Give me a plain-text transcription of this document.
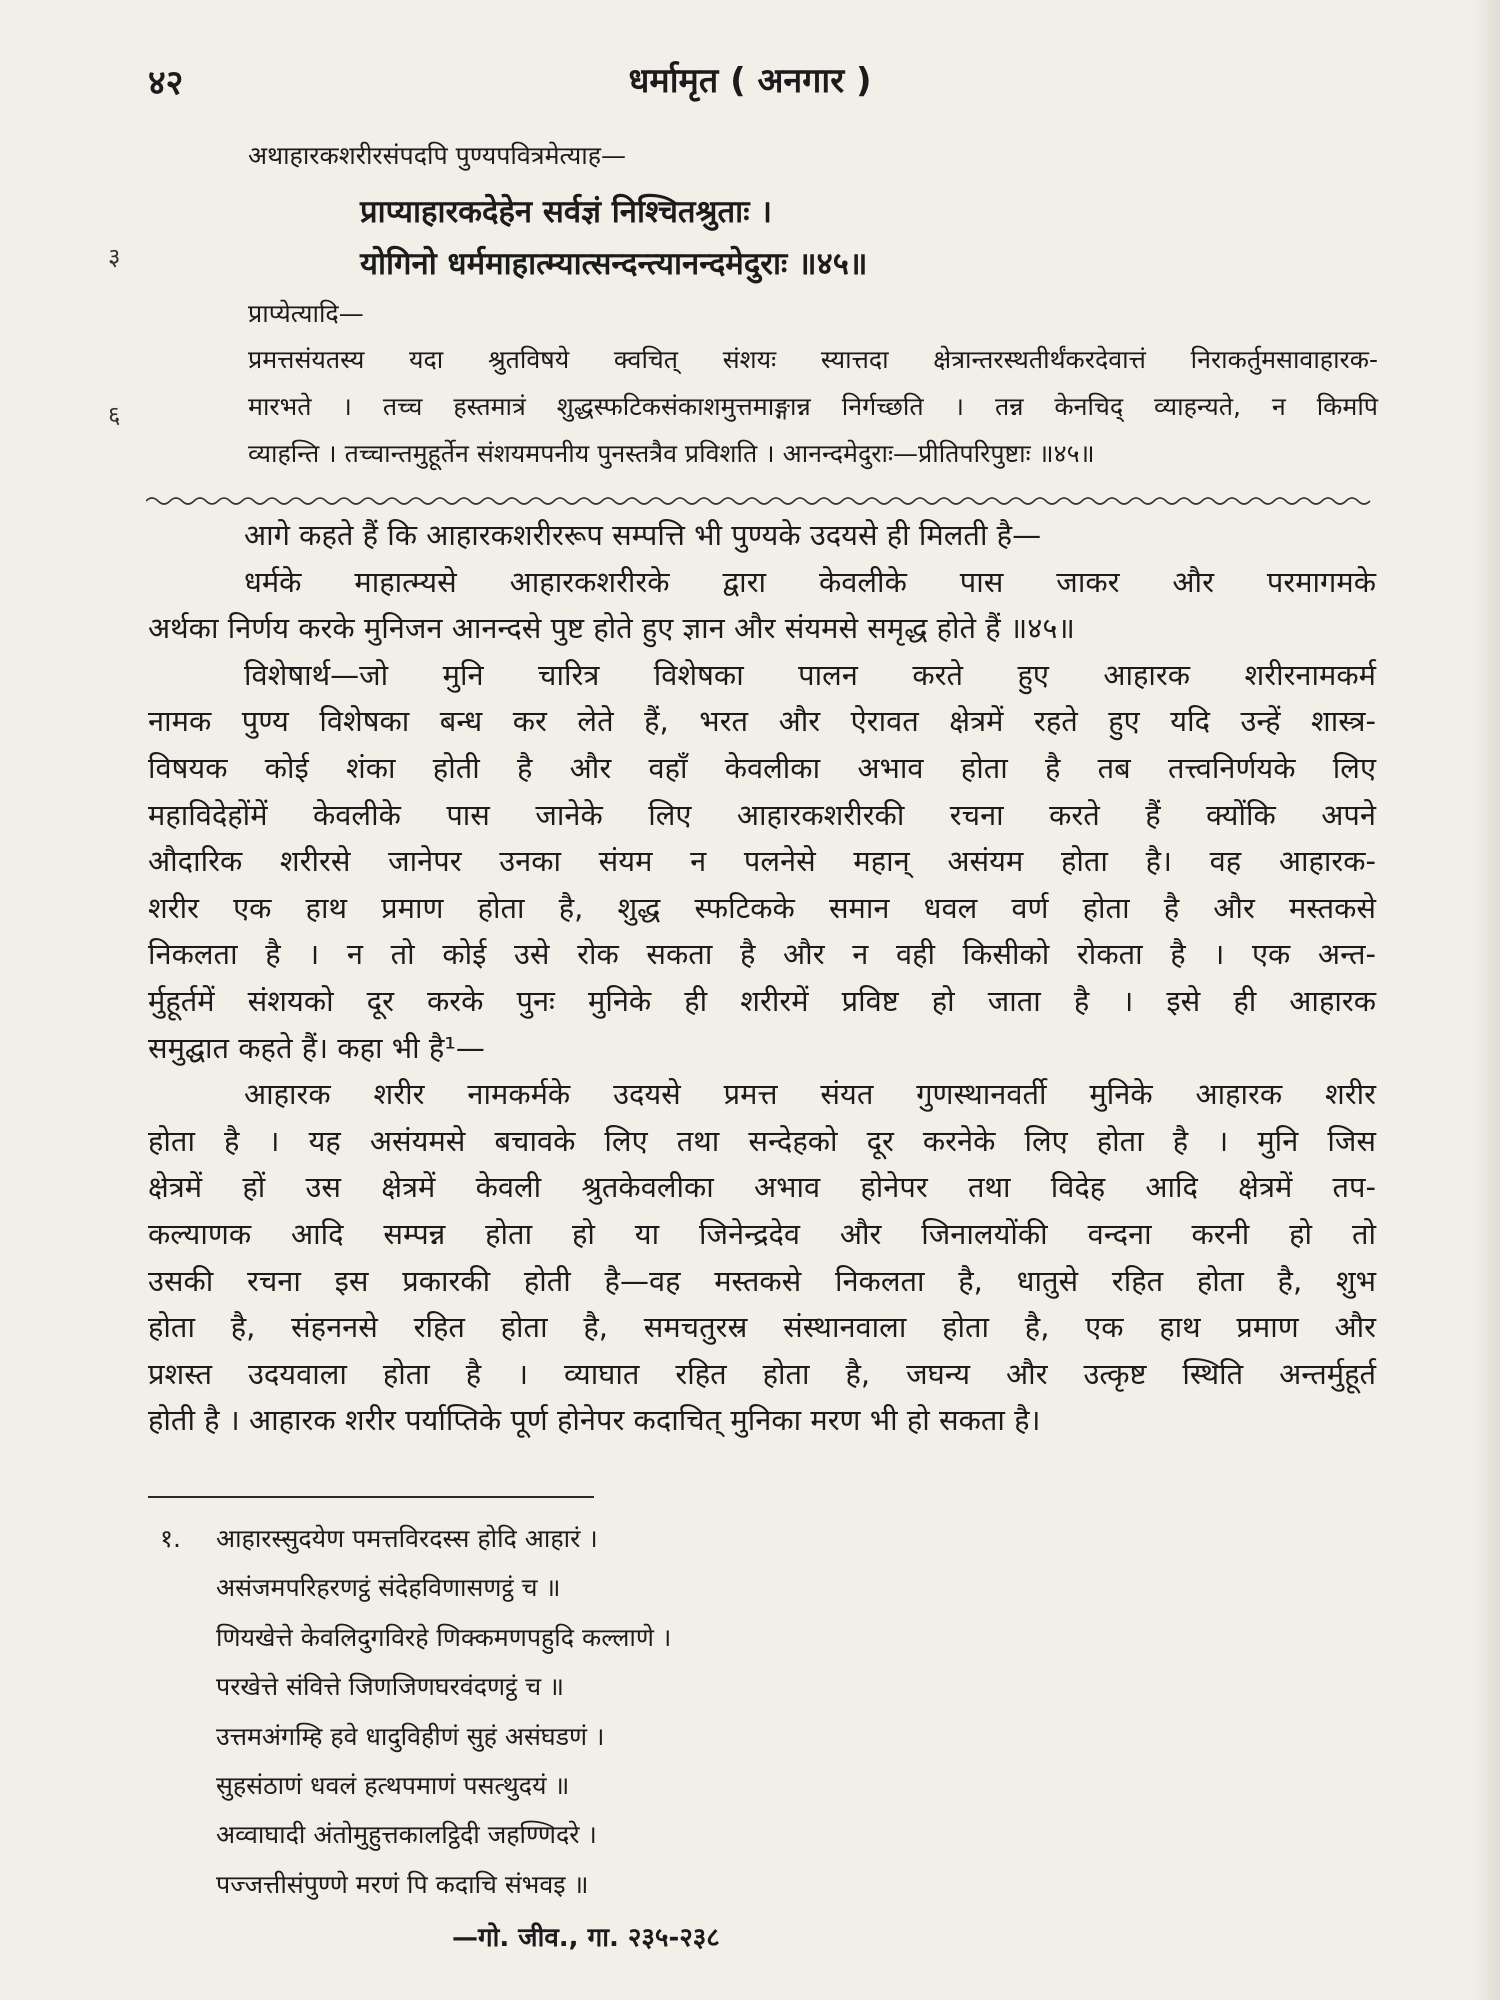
४२	धर्मामृत ( अनगार )
अथाहारकशरीरसंपदपि पुण्यपवित्रमेत्याह—
प्राप्याहारकदेहेन सर्वज्ञं निश्चितश्रुताः ।
३	योगिनो धर्ममाहात्म्यात्सन्दन्त्यानन्दमेदुराः ॥४५॥
प्राप्येत्यादि—
६
प्रमत्तसंयतस्य यदा श्रुतविषये क्वचित् संशयः स्यात्तदा क्षेत्रान्तरस्थतीर्थंकरदेवात्तं निराकर्तुमसावाहारक-
मारभते । तच्च हस्तमात्रं शुद्धस्फटिकसंकाशमुत्तमाङ्गान्न निर्गच्छति । तन्न केनचिद् व्याहन्यते, न किमपि
व्याहन्ति । तच्चान्तमुहूर्तेन संशयमपनीय पुनस्तत्रैव प्रविशति । आनन्दमेदुराः—प्रीतिपरिपुष्टाः ॥४५॥
आगे कहते हैं कि आहारकशरीररूप सम्पत्ति भी पुण्यके उदयसे ही मिलती है—
धर्मके माहात्म्यसे आहारकशरीरके द्वारा केवलीके पास जाकर और परमागमके
अर्थका निर्णय करके मुनिजन आनन्दसे पुष्ट होते हुए ज्ञान और संयमसे समृद्ध होते हैं ॥४५॥
विशेषार्थ—जो मुनि चारित्र विशेषका पालन करते हुए आहारक शरीरनामकर्म
नामक पुण्य विशेषका बन्ध कर लेते हैं, भरत और ऐरावत क्षेत्रमें रहते हुए यदि उन्हें शास्त्र-
विषयक कोई शंका होती है और वहाँ केवलीका अभाव होता है तब तत्त्वनिर्णयके लिए
महाविदेहोंमें केवलीके पास जानेके लिए आहारकशरीरकी रचना करते हैं क्योंकि अपने
औदारिक शरीरसे जानेपर उनका संयम न पलनेसे महान् असंयम होता है। वह आहारक-
शरीर एक हाथ प्रमाण होता है, शुद्ध स्फटिकके समान धवल वर्ण होता है और मस्तकसे
निकलता है । न तो कोई उसे रोक सकता है और न वही किसीको रोकता है । एक अन्त-
र्मुहूर्तमें संशयको दूर करके पुनः मुनिके ही शरीरमें प्रविष्ट हो जाता है । इसे ही आहारक
समुद्घात कहते हैं। कहा भी है¹—
आहारक शरीर नामकर्मके उदयसे प्रमत्त संयत गुणस्थानवर्ती मुनिके आहारक शरीर
होता है । यह असंयमसे बचावके लिए तथा सन्देहको दूर करनेके लिए होता है । मुनि जिस
क्षेत्रमें हों उस क्षेत्रमें केवली श्रुतकेवलीका अभाव होनेपर तथा विदेह आदि क्षेत्रमें तप-
कल्याणक आदि सम्पन्न होता हो या जिनेन्द्रदेव और जिनालयोंकी वन्दना करनी हो तो
उसकी रचना इस प्रकारकी होती है—वह मस्तकसे निकलता है, धातुसे रहित होता है, शुभ
होता है, संहननसे रहित होता है, समचतुरस्र संस्थानवाला होता है, एक हाथ प्रमाण और
प्रशस्त उदयवाला होता है । व्याघात रहित होता है, जघन्य और उत्कृष्ट स्थिति अन्तर्मुहूर्त
होती है । आहारक शरीर पर्याप्तिके पूर्ण होनेपर कदाचित् मुनिका मरण भी हो सकता है।
१. आहारस्सुदयेण पमत्तविरदस्स होदि आहारं ।
असंजमपरिहरणट्ठं संदेहविणासणट्ठं च ॥
णियखेत्ते केवलिदुगविरहे णिक्कमणपहुदि कल्लाणे ।
परखेत्ते संवित्ते जिणजिणघरवंदणट्ठं च ॥
उत्तमअंगम्हि हवे धादुविहीणं सुहं असंघडणं ।
सुहसंठाणं धवलं हत्थपमाणं पसत्थुदयं ॥
अव्वाघादी अंतोमुहुत्तकालट्ठिदी जहण्णिदरे ।
पज्जत्तीसंपुण्णे मरणं पि कदाचि संभवइ ॥
—गो. जीव., गा. २३५-२३८
